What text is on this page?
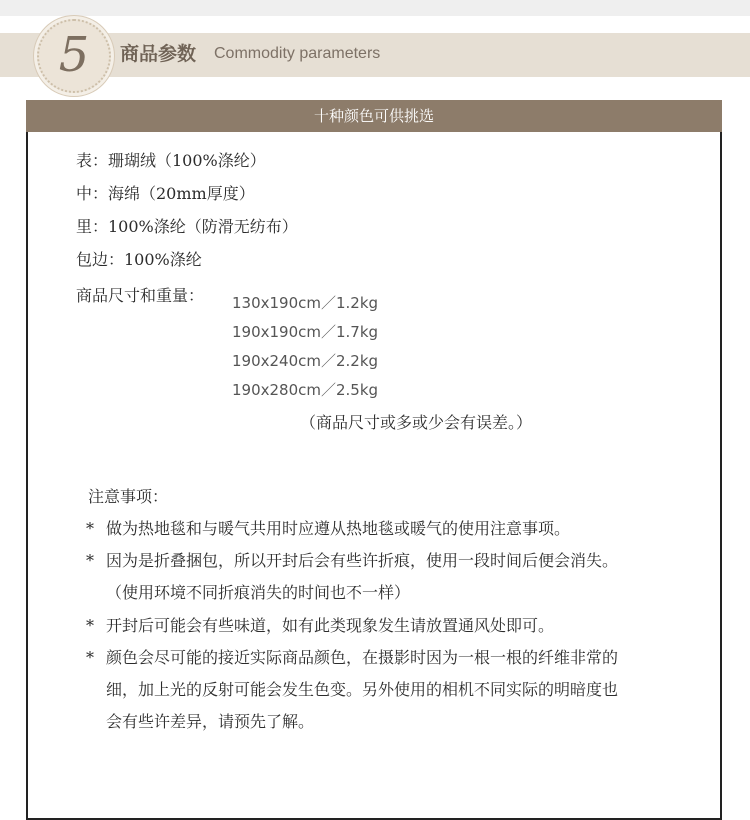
5	商品参数 Commodity parameters
十种颜色可供挑选
表：珊瑚绒（100%涤纶）
中：海绵（20mm厚度）
里：100%涤纶（防滑无纺布）
包边：100%涤纶
商品尺寸和重量： 130x190cm／1.2kg
190x190cm／1.7kg
190x240cm／2.2kg
190x280cm／2.5kg
（商品尺寸或多或少会有误差。）
注意事项：
* 做为热地毯和与暖气共用时应遵从热地毯或暖气的使用注意事项。
* 因为是折叠捆包，所以开封后会有些许折痕，使用一段时间后便会消失。
（使用环境不同折痕消失的时间也不一样）
* 开封后可能会有些味道，如有此类现象发生请放置通风处即可。
* 颜色会尽可能的接近实际商品颜色，在摄影时因为一根一根的纤维非常的
细，加上光的反射可能会发生色变。另外使用的相机不同实际的明暗度也
会有些许差异，请预先了解。
